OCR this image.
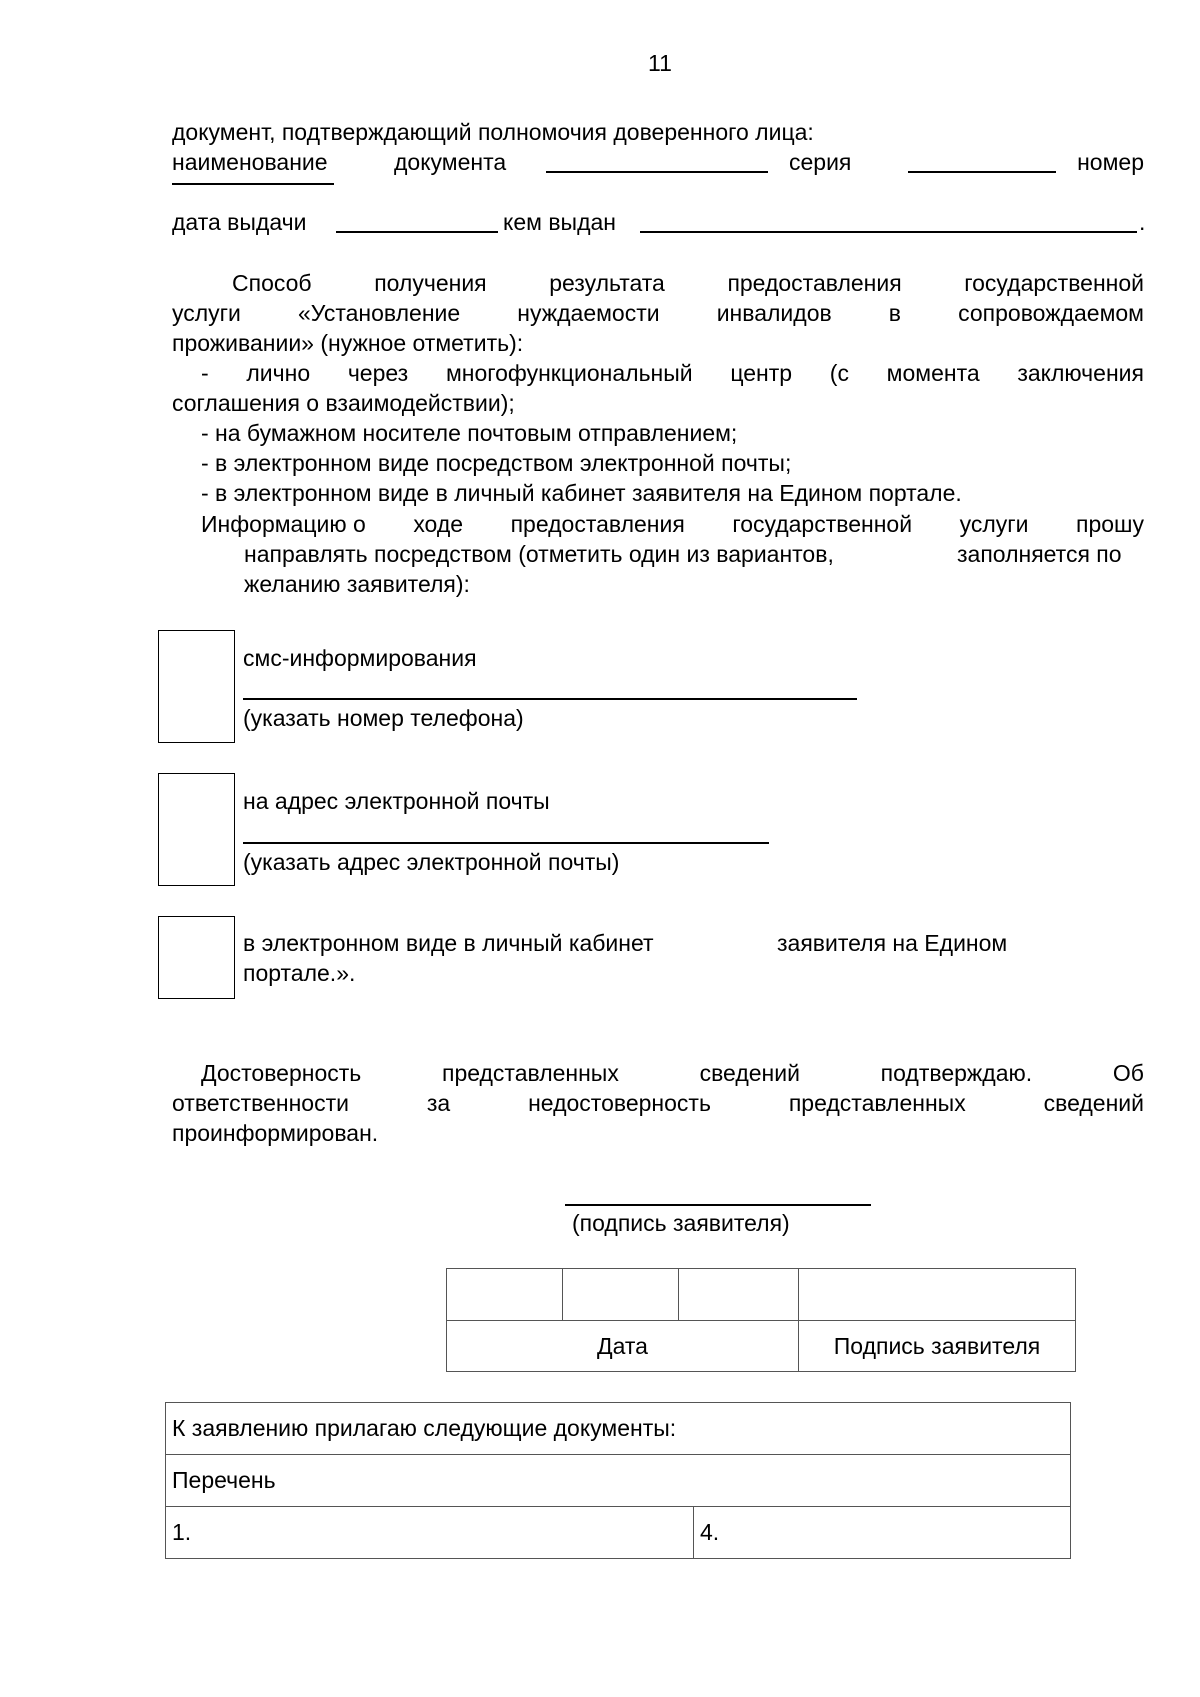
11
документ, подтверждающий полномочия доверенного лица:
наименование	документа	серия	номер
дата выдачи	кем выдан	.
Способ	получения	результата	предоставления	государственной
услуги «Установление нуждаемости инвалидов в сопровождаемом
проживании» (нужное отметить):
- лично через многофункциональный центр (с момента заключения
соглашения о взаимодействии);
- на бумажном носителе почтовым отправлением;
- в электронном виде посредством электронной почты;
- в электронном виде в личный кабинет заявителя на Едином портале.
Информацию о ходе предоставления государственной услуги прошу
направлять посредством (отметить один из вариантов,	заполняется по
желанию заявителя):
смс-информирования
(указать номер телефона)
на адрес электронной почты
(указать адрес электронной почты)
в электронном виде в личный кабинет	заявителя на Едином
портале.».
Достоверность	представленных	сведений	подтверждаю.	Об
ответственности	за	недостоверность	представленных	сведений
проинформирован.
(подпись заявителя)

Дата			Подпись заявителя
К заявлению прилагаю следующие документы:
Перечень
1.	4.
